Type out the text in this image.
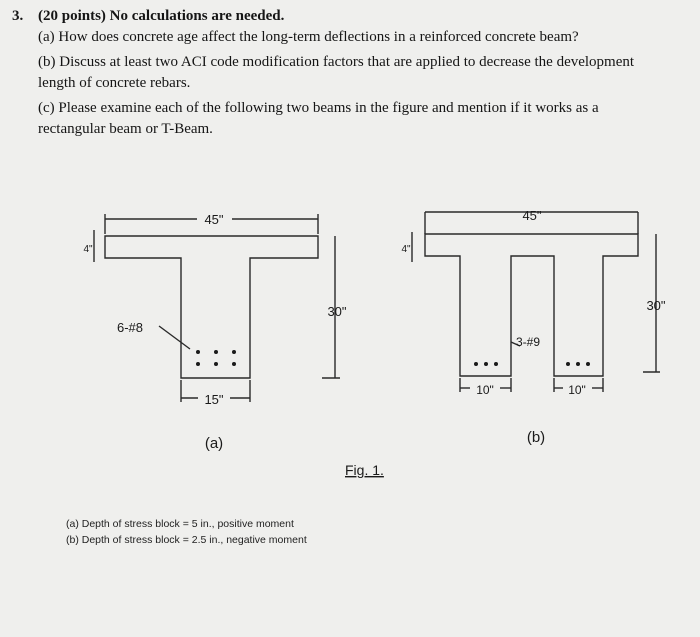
3. (20 points) No calculations are needed.
(a) How does concrete age affect the long-term deflections in a reinforced concrete beam?
(b) Discuss at least two ACI code modification factors that are applied to decrease the development length of concrete rebars.
(c) Please examine each of the following two beams in the figure and mention if it works as a rectangular beam or T-Beam.
45"
4"
30"
15"
6-#8
(a)
45"
4"
30"
10"	10"
3-#9
(b)
Fig. 1.
(a) Depth of stress block = 5 in., positive moment
(b) Depth of stress block = 2.5 in., negative moment
